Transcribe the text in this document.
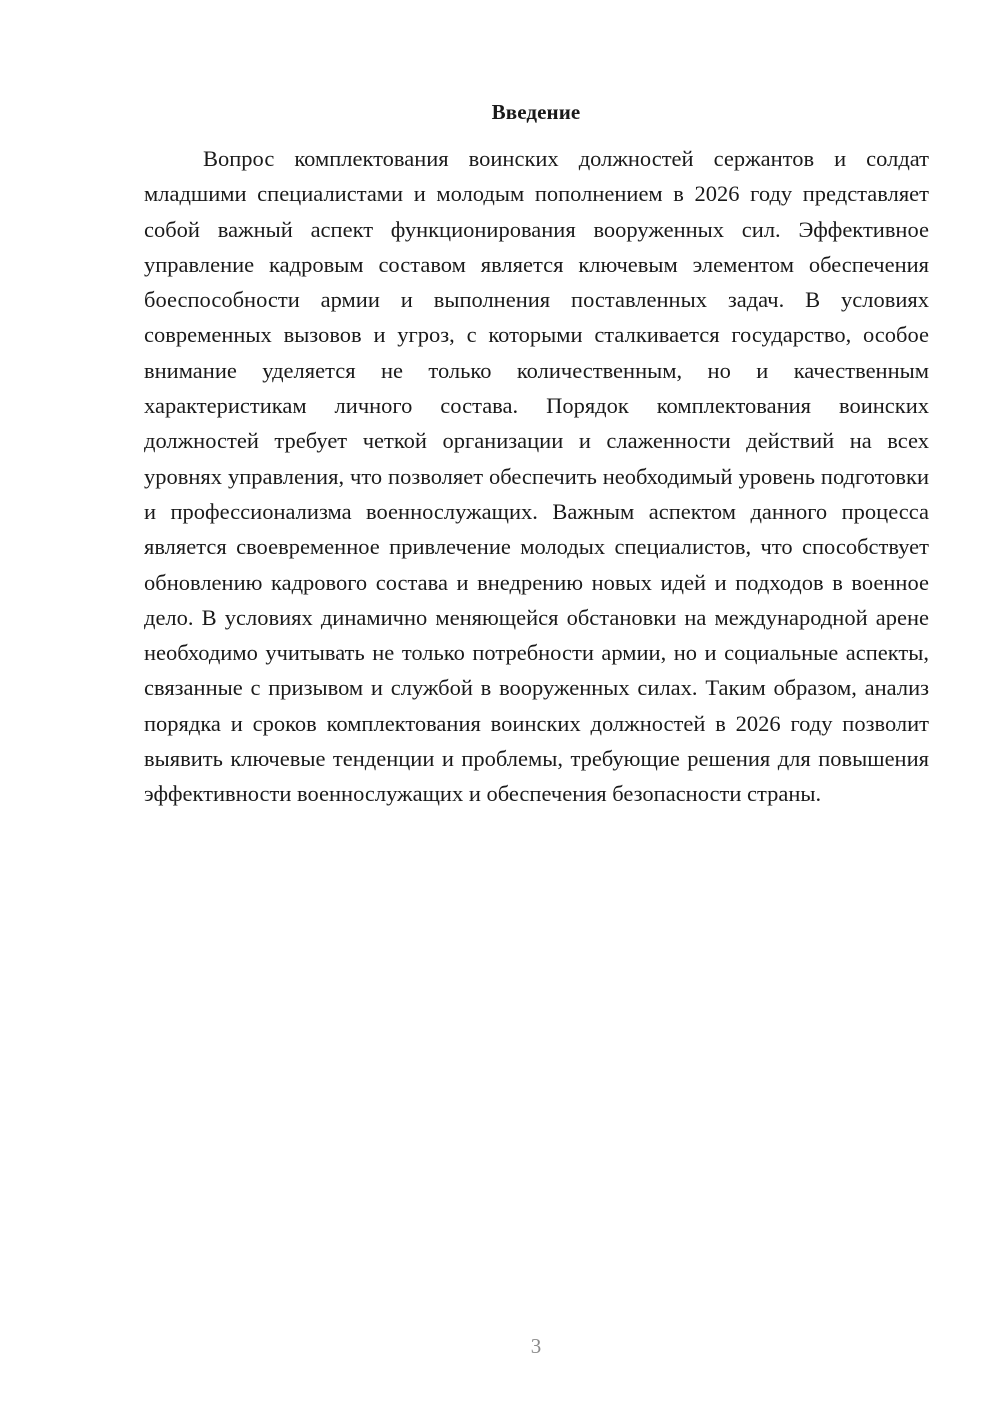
Введение

Вопрос комплектования воинских должностей сержантов и солдат младшими специалистами и молодым пополнением в 2026 году представляет собой важный аспект функционирования вооруженных сил. Эффективное управление кадровым составом является ключевым элементом обеспечения боеспособности армии и выполнения поставленных задач. В условиях современных вызовов и угроз, с которыми сталкивается государство, особое внимание уделяется не только количественным, но и качественным характеристикам личного состава. Порядок комплектования воинских должностей требует четкой организации и слаженности действий на всех уровнях управления, что позволяет обеспечить необходимый уровень подготовки и профессионализма военнослужащих. Важным аспектом данного процесса является своевременное привлечение молодых специалистов, что способствует обновлению кадрового состава и внедрению новых идей и подходов в военное дело. В условиях динамично меняющейся обстановки на международной арене необходимо учитывать не только потребности армии, но и социальные аспекты, связанные с призывом и службой в вооруженных силах. Таким образом, анализ порядка и сроков комплектования воинских должностей в 2026 году позволит выявить ключевые тенденции и проблемы, требующие решения для повышения эффективности военнослужащих и обеспечения безопасности страны.

3
